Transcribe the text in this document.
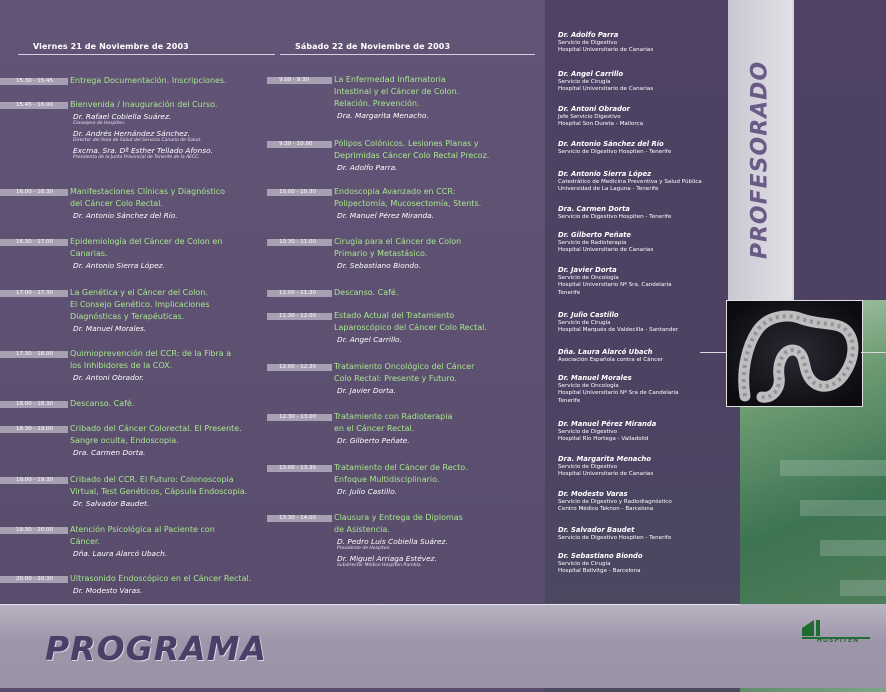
Viernes 21 de Noviembre de 2003	Sábado 22 de Noviembre de 2003
15.30 - 15.45	Entrega Documentación. Inscripciones.
15.45 - 16.00	Bienvenida / Inauguración del Curso.
Dr. Rafael Cobiella Suárez.
Consejero de Hospiten.
Dr. Andrés Hernández Sánchez.
Director del Area de Salud del Servicio Canario de Salud.
Excma. Sra. Dª Esther Tellado Afonso.
Presidenta de la Junta Provincial de Tenerife de la AECC.
16.00 - 16.30	Manifestaciones Clínicas y Diagnóstico
del Cáncer Colo Rectal.
Dr. Antonio Sánchez del Río.
16.30 - 17.00	Epidemiología del Cáncer de Colon en
Canarias.
Dr. Antonio Sierra López.
17.00 - 17.30	La Genética y el Cáncer del Colon.
El Consejo Genético. Implicaciones
Diagnósticas y Terapéuticas.
Dr. Manuel Morales.
17.30 - 18.00	Quimioprevención del CCR: de la Fibra a
los Inhibidores de la COX.
Dr. Antoni Obrador.
18.00 - 18.30	Descanso. Café.
18.30 - 19.00	Cribado del Cáncer Colorectal. El Presente.
Sangre oculta, Endoscopia.
Dra. Carmen Dorta.
19.00 - 19.30	Cribado del CCR. El Futuro: Colonoscopia
Virtual, Test Genéticos, Cápsula Endoscopia.
Dr. Salvador Baudet.
19.30 - 20.00	Atención Psicológica al Paciente con
Cáncer.
Dña. Laura Alarcó Ubach.
20.00 - 20.30	Ultrasonido Endoscópico en el Cáncer Rectal.
Dr. Modesto Varas.
9.00 - 9.30	La Enfermedad Inflamatoria
Intestinal y el Cáncer de Colon.
Relación. Prevención.
Dra. Margarita Menacho.
9.30 - 10.00	Pólipos Colónicos. Lesiones Planas y
Deprimidas Cáncer Colo Rectal Precoz.
Dr. Adolfo Parra.
10.00 - 10.30	Endoscopia Avanzado en CCR:
Polipectomía, Mucosectomía, Stents.
Dr. Manuel Pérez Miranda.
10.30 - 11.00	Cirugía para el Cáncer de Colon
Primario y Metastásico.
Dr. Sebastiano Biondo.
11.00 - 11.30	Descanso. Café.
11.30 - 12.00	Estado Actual del Tratamiento
Laparoscópico del Cáncer Colo Rectal.
Dr. Angel Carrillo.
12.00 - 12.30	Tratamiento Oncológico del Cáncer
Colo Rectal: Presente y Futuro.
Dr. Javier Dorta.
12.30 - 13.00	Tratamiento con Radioterapia
en el Cáncer Rectal.
Dr. Gilberto Peñate.
13.00 - 13.30	Tratamiento del Cáncer de Recto.
Enfoque Multidisciplinario.
Dr. Julio Castillo.
13.30 - 14.00	Clausura y Entrega de Diplomas
de Asistencia.
D. Pedro Luis Cobiella Suárez.
Presidente de Hospiten.
Dr. Miguel Arriaga Estévez.
Subdirector Médico Hospiten Rambla.
PROFESORADO
Dr. Adolfo Parra
Servicio de Digestivo
Hospital Universitario de Canarias
Dr. Angel Carrillo
Servicio de Cirugía
Hospital Universitario de Canarias
Dr. Antoni Obrador
Jefe Servicio Digestivo
Hospital Son Dureta - Mallorca
Dr. Antonio Sánchez del Río
Servicio de Digestivo Hospiten - Tenerife
Dr. Antonio Sierra López
Catedrático de Medicina Preventiva y Salud Pública
Universidad de La Laguna - Tenerife
Dra. Carmen Dorta
Servicio de Digestivo Hospiten - Tenerife
Dr. Gilberto Peñate
Servicio de Radioterapia
Hospital Universitario de Canarias
Dr. Javier Dorta
Servicio de Oncología
Hospital Universitario Nª Sra. Candelaria
Tenerife
Dr. Julio Castillo
Servicio de Cirugía
Hospital Marqués de Valdecilla - Santander
Dña. Laura Alarcó Ubach
Asociación Española contra el Cáncer
Dr. Manuel Morales
Servicio de Oncología
Hospital Universitario Nª Sra de Candelaria
Tenerife
Dr. Manuel Pérez Miranda
Servicio de Digestivo
Hospital Río Hortega - Valladolid
Dra. Margarita Menacho
Servicio de Digestivo
Hospital Universitario de Canarias
Dr. Modesto Varas
Servicio de Digestivo y Radiodiagnóstico
Centro Médico Teknon - Barcelona
Dr. Salvador Baudet
Servicio de Digestivo Hospiten - Tenerife
Dr. Sebastiano Biondo
Servicio de Cirugía
Hospital Bellvitge - Barcelona
PROGRAMA	HOSPITEN
